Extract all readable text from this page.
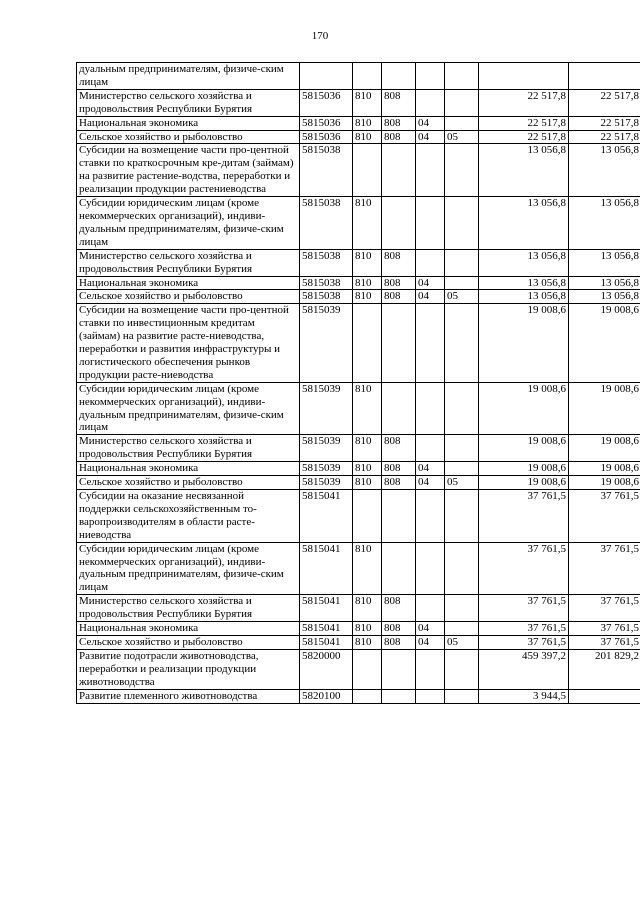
170
дуальным предпринимателям, физиче-ским лицам							
Министерство сельского хозяйства и продовольствия Республики Бурятия	5815036	810	808			22 517,8	22 517,8
Национальная экономика	5815036	810	808	04		22 517,8	22 517,8
Сельское хозяйство и рыболовство	5815036	810	808	04	05	22 517,8	22 517,8
Субсидии на возмещение части про-центной ставки по краткосрочным кре-дитам (займам) на развитие растение-водства, переработки и реализации продукции растениеводства	5815038					13 056,8	13 056,8
Субсидии юридическим лицам (кроме некоммерческих организаций), индиви-дуальным предпринимателям, физиче-ским лицам	5815038	810				13 056,8	13 056,8
Министерство сельского хозяйства и продовольствия Республики Бурятия	5815038	810	808			13 056,8	13 056,8
Национальная экономика	5815038	810	808	04		13 056,8	13 056,8
Сельское хозяйство и рыболовство	5815038	810	808	04	05	13 056,8	13 056,8
Субсидии на возмещение части про-центной ставки по инвестиционным кредитам (займам) на развитие расте-ниеводства, переработки и развития инфраструктуры и логистического обеспечения рынков продукции расте-ниеводства	5815039					19 008,6	19 008,6
Субсидии юридическим лицам (кроме некоммерческих организаций), индиви-дуальным предпринимателям, физиче-ским лицам	5815039	810				19 008,6	19 008,6
Министерство сельского хозяйства и продовольствия Республики Бурятия	5815039	810	808			19 008,6	19 008,6
Национальная экономика	5815039	810	808	04		19 008,6	19 008,6
Сельское хозяйство и рыболовство	5815039	810	808	04	05	19 008,6	19 008,6
Субсидии на оказание несвязанной поддержки сельскохозяйственным то-варопроизводителям в области расте-ниеводства	5815041					37 761,5	37 761,5
Субсидии юридическим лицам (кроме некоммерческих организаций), индиви-дуальным предпринимателям, физиче-ским лицам	5815041	810				37 761,5	37 761,5
Министерство сельского хозяйства и продовольствия Республики Бурятия	5815041	810	808			37 761,5	37 761,5
Национальная экономика	5815041	810	808	04		37 761,5	37 761,5
Сельское хозяйство и рыболовство	5815041	810	808	04	05	37 761,5	37 761,5
Развитие подотрасли животноводства, переработки и реализации продукции животноводства	5820000					459 397,2	201 829,2
Развитие племенного животноводства	5820100					3 944,5	
